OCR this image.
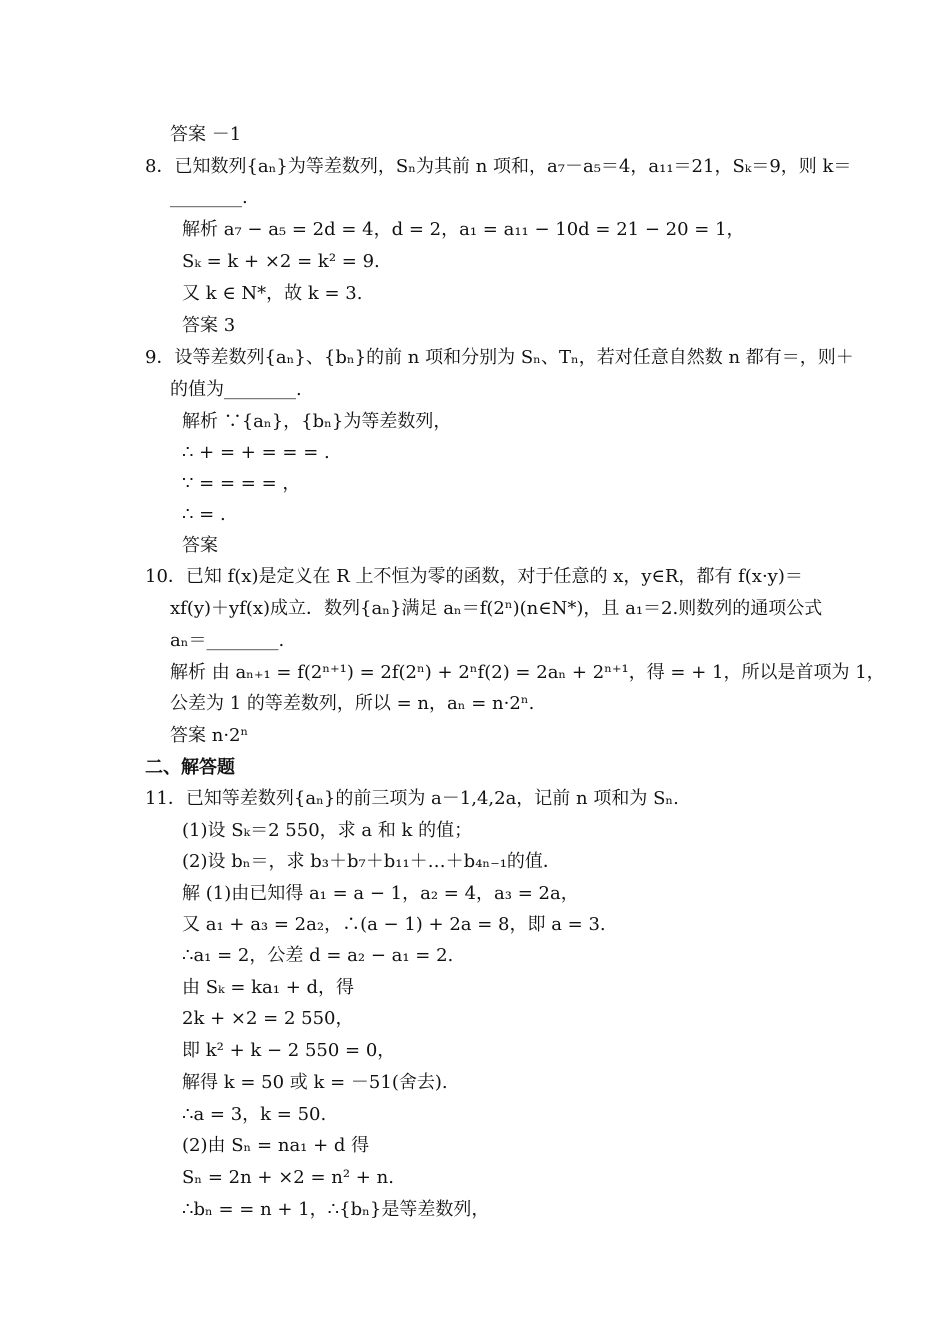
答案 －1
8．已知数列{aₙ}为等差数列，Sₙ为其前 n 项和，a₇－a₅＝4，a₁₁＝21，Sₖ＝9，则 k＝
________.
解析 a₇ − a₅ = 2d = 4，d = 2，a₁ = a₁₁ − 10d = 21 − 20 = 1，
Sₖ = k + ×2 = k² = 9.
又 k ∈ N*，故 k = 3.
答案 3
9．设等差数列{aₙ}、{bₙ}的前 n 项和分别为 Sₙ、Tₙ，若对任意自然数 n 都有＝，则＋
的值为________.
解析 ∵{aₙ}，{bₙ}为等差数列，
∴ + = + = = = .
∵ = = = = ，
∴ = .
答案
10．已知 f(x)是定义在 R 上不恒为零的函数，对于任意的 x，y∈R，都有 f(x·y)＝
xf(y)＋yf(x)成立．数列{aₙ}满足 aₙ＝f(2ⁿ)(n∈N*)，且 a₁＝2.则数列的通项公式
aₙ＝________.
解析 由 aₙ₊₁ = f(2ⁿ⁺¹) = 2f(2ⁿ) + 2ⁿf(2) = 2aₙ + 2ⁿ⁺¹，得 = + 1，所以是首项为 1，
公差为 1 的等差数列，所以 = n，aₙ = n·2ⁿ.
答案 n·2ⁿ
二、解答题
11．已知等差数列{aₙ}的前三项为 a－1,4,2a，记前 n 项和为 Sₙ.
(1)设 Sₖ＝2 550，求 a 和 k 的值；
(2)设 bₙ＝，求 b₃＋b₇＋b₁₁＋…＋b₄ₙ₋₁的值．
解 (1)由已知得 a₁ = a − 1，a₂ = 4，a₃ = 2a，
又 a₁ + a₃ = 2a₂，∴(a − 1) + 2a = 8，即 a = 3.
∴a₁ = 2，公差 d = a₂ − a₁ = 2.
由 Sₖ = ka₁ + d，得
2k + ×2 = 2 550，
即 k² + k − 2 550 = 0，
解得 k = 50 或 k = －51(舍去).
∴a = 3，k = 50.
(2)由 Sₙ = na₁ + d 得
Sₙ = 2n + ×2 = n² + n.
∴bₙ = = n + 1，∴{bₙ}是等差数列，
